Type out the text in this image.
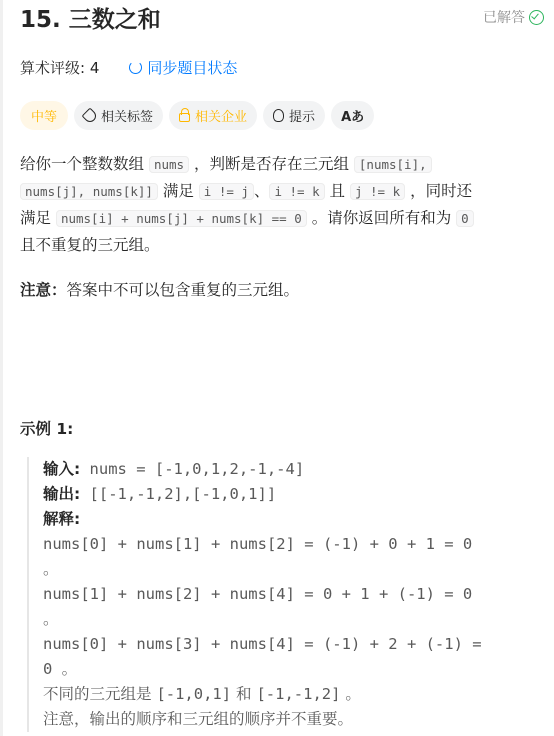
15. 三数之和	已解答
算术评级: 4	同步题目状态
中等	相关标签	相关企业	提示 Aあ
给你一个整数数组 nums ，判断是否存在三元组 [nums[i],
nums[j], nums[k]] 满足 i != j 、 i != k 且 j != k ，同时还
满足 nums[i] + nums[j] + nums[k] == 0 。请你返回所有和为 0
且不重复的三元组。
注意：答案中不可以包含重复的三元组。
示例 1:
输入: nums = [-1,0,1,2,-1,-4]
输出: [[-1,-1,2],[-1,0,1]]
解释:
nums[0] + nums[1] + nums[2] = (-1) + 0 + 1 = 0
。
nums[1] + nums[2] + nums[4] = 0 + 1 + (-1) = 0
。
nums[0] + nums[3] + nums[4] = (-1) + 2 + (-1) =
0 。
不同的三元组是 [-1,0,1] 和 [-1,-1,2] 。
注意，输出的顺序和三元组的顺序并不重要。
